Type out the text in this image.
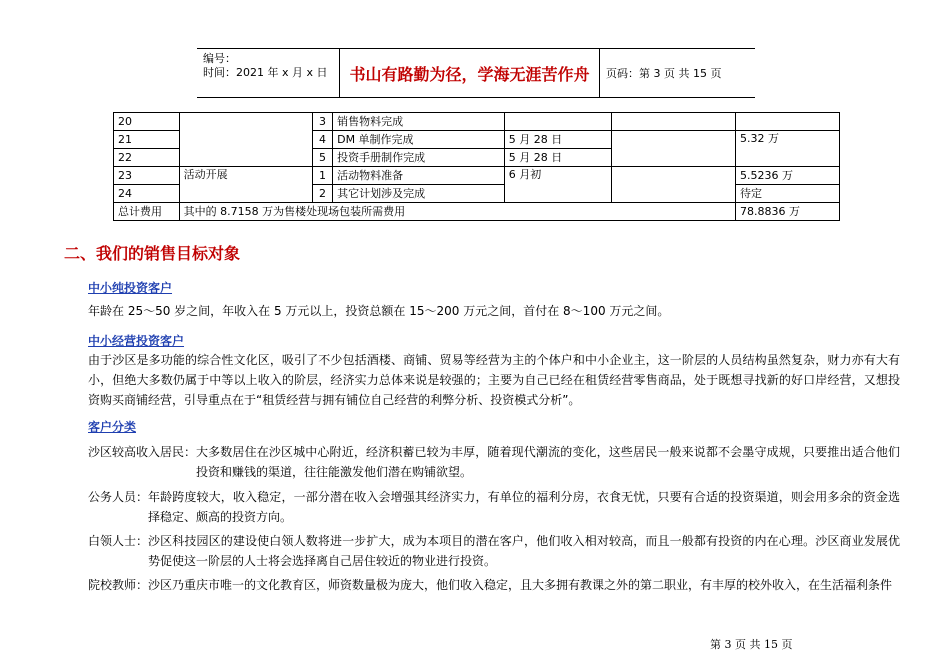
编号：
时间：2021 年 x 月 x 日	书山有路勤为径，学海无涯苦作舟	页码：第 3 页 共 15 页
20		3	销售物料完成			
21		4	DM 单制作完成	5 月 28 日		5.32 万
22		5	投资手册制作完成	5 月 28 日		
23	活动开展	1	活动物料准备	6 月初		5.5236 万
24		2	其它计划涉及完成			待定
总计费用	其中的 8.7158 万为售楼处现场包装所需费用					78.8836 万
二、我们的销售目标对象
中小纯投资客户
年龄在 25～50 岁之间，年收入在 5 万元以上，投资总额在 15～200 万元之间，首付在 8～100 万元之间。
中小经营投资客户
由于沙区是多功能的综合性文化区，吸引了不少包括酒楼、商铺、贸易等经营为主的个体户和中小企业主，这一阶层的人员结构虽然复杂，财力亦有大有小，但绝大多数仍属于中等以上收入的阶层，经济实力总体来说是较强的；主要为自己已经在租赁经营零售商品，处于既想寻找新的好口岸经营，又想投资购买商铺经营，引导重点在于“租赁经营与拥有铺位自己经营的利弊分析、投资模式分析”。
客户分类
沙区较高收入居民： 大多数居住在沙区城中心附近，经济积蓄已较为丰厚，随着现代潮流的变化，这些居民一般来说都不会墨守成规，只要推出适合他们投资和赚钱的渠道，往往能激发他们潜在购铺欲望。
公务人员： 年龄跨度较大，收入稳定，一部分潜在收入会增强其经济实力，有单位的福利分房，衣食无忧，只要有合适的投资渠道，则会用多余的资金选择稳定、颇高的投资方向。
白领人士： 沙区科技园区的建设使白领人数将进一步扩大，成为本项目的潜在客户，他们收入相对较高，而且一般都有投资的内在心理。沙区商业发展优势促使这一阶层的人士将会选择离自己居住较近的物业进行投资。
院校教师： 沙区乃重庆市唯一的文化教育区，师资数量极为庞大，他们收入稳定，且大多拥有教课之外的第二职业，有丰厚的校外收入，在生活福利条件
第 3 页 共 15 页
